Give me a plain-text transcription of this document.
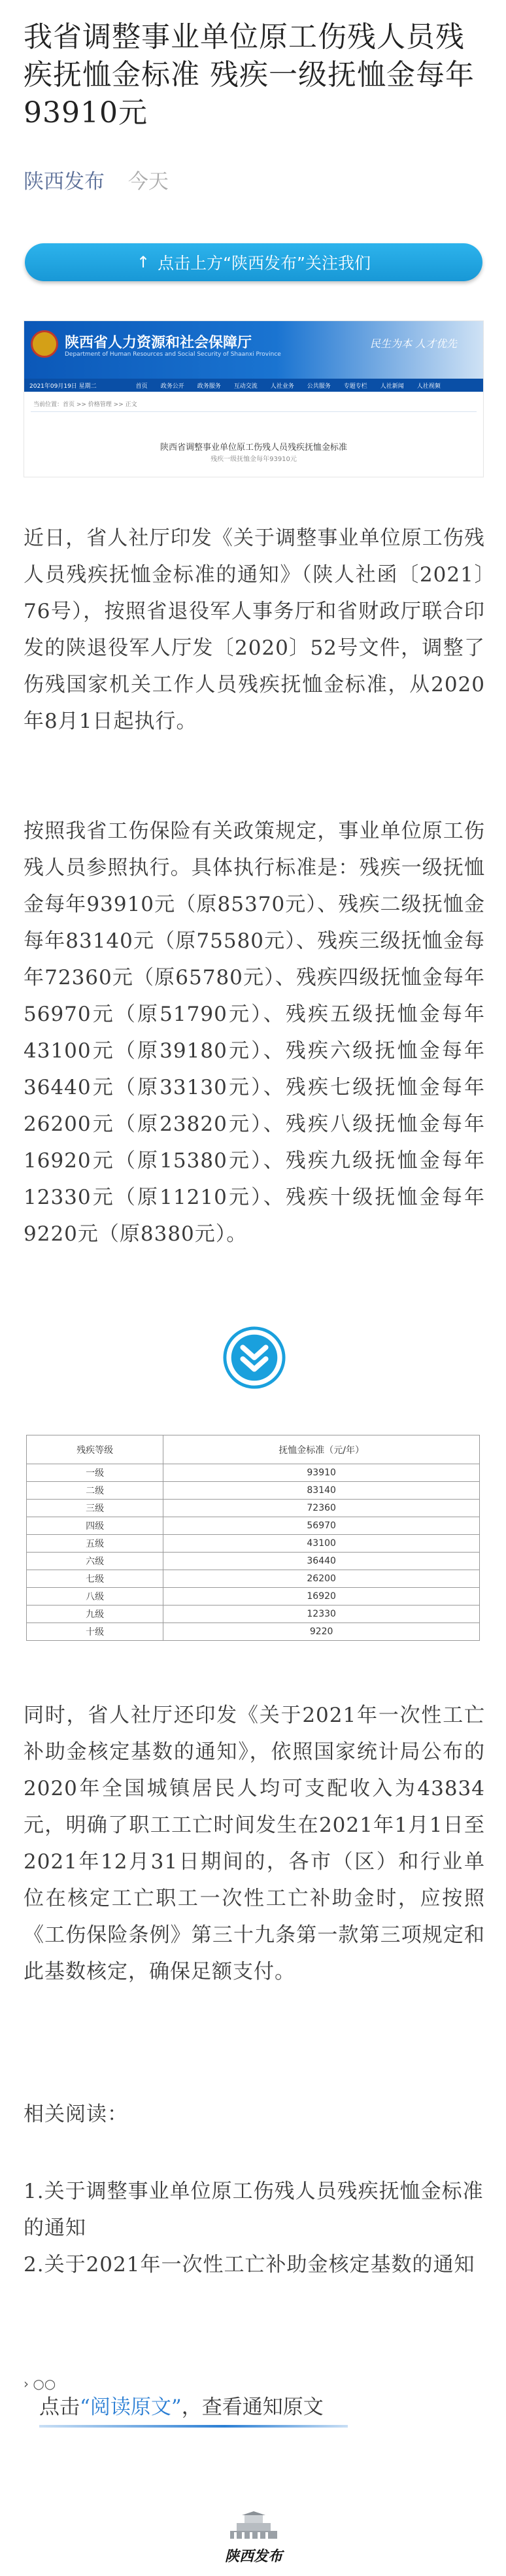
我省调整事业单位原工伤残人员残疾抚恤金标准 残疾一级抚恤金每年93910元
陕西发布 今天
↑ 点击上方“陕西发布”关注我们
陕西省人力资源和社会保障厅
Department of Human Resources and Social Security of Shaanxi Province
民生为本 人才优先
2021年09月19日 星期二	首页 政务公开 政务服务 互动交流 人社业务 公共服务 专题专栏 人社新闻 人社视频
当前位置：首页 >> 价格管理 >> 正文
陕西省调整事业单位原工伤残人员残疾抚恤金标准
残疾一级抚恤金每年93910元

近日，省人社厅印发《关于调整事业单位原工伤残人员残疾抚恤金标准的通知》（陕人社函〔2021〕76号），按照省退役军人事务厅和省财政厅联合印发的陕退役军人厅发〔2020〕52号文件，调整了伤残国家机关工作人员残疾抚恤金标准，从2020年8月1日起执行。

按照我省工伤保险有关政策规定，事业单位原工伤残人员参照执行。具体执行标准是：残疾一级抚恤金每年93910元（原85370元）、残疾二级抚恤金每年83140元（原75580元）、残疾三级抚恤金每年72360元（原65780元）、残疾四级抚恤金每年56970元（原51790元）、残疾五级抚恤金每年43100元（原39180元）、残疾六级抚恤金每年36440元（原33130元）、残疾七级抚恤金每年26200元（原23820元）、残疾八级抚恤金每年16920元（原15380元）、残疾九级抚恤金每年12330元（原11210元）、残疾十级抚恤金每年9220元（原8380元）。

残疾等级	抚恤金标准（元/年）
一级	93910
二级	83140
三级	72360
四级	56970
五级	43100
六级	36440
七级	26200
八级	16920
九级	12330
十级	9220

同时，省人社厅还印发《关于2021年一次性工亡补助金核定基数的通知》，依照国家统计局公布的2020年全国城镇居民人均可支配收入为43834元，明确了职工工亡时间发生在2021年1月1日至2021年12月31日期间的，各市（区）和行业单位在核定工亡职工一次性工亡补助金时，应按照《工伤保险条例》第三十九条第一款第三项规定和此基数核定，确保足额支付。

相关阅读：

1.关于调整事业单位原工伤残人员残疾抚恤金标准的通知

2.关于2021年一次性工亡补助金核定基数的通知

› ○○
点击“阅读原文”，查看通知原文
陕西发布
